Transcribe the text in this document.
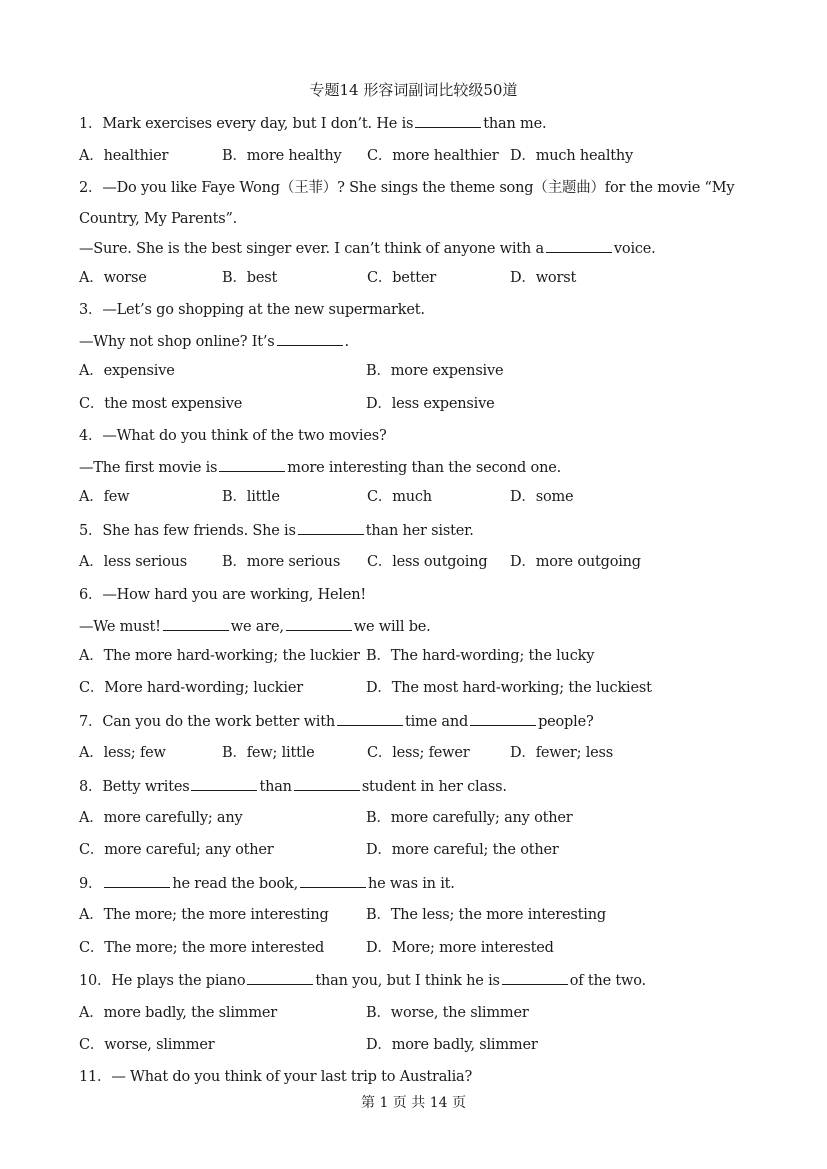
专题14 形容词副词比较级50道
1．Mark exercises every day, but I don’t. He is	than me.
A．healthier	B．more healthy C．more healthier D．much healthy
2．—Do you like Faye Wong（王菲）? She sings the theme song（主题曲）for the movie “My
Country, My Parents”.
—Sure. She is the best singer ever. I can’t think of anyone with a	voice.
A．worse	B．best	C．better	D．worst
3．—Let’s go shopping at the new supermarket.
—Why not shop online? It’s	.
A．expensive	B．more expensive
C．the most expensive	D．less expensive
4．—What do you think of the two movies?
—The first movie is	more interesting than the second one.
A．few	B．little	C．much	D．some
5．She has few friends. She is	than her sister.
A．less serious B．more serious C．less outgoing D．more outgoing
6．—How hard you are working, Helen!
—We must!	we are,	we will be.
A．The more hard-working; the luckier B．The hard-wording; the lucky
C．More hard-wording; luckier	D．The most hard-working; the luckiest
7．Can you do the work better with	time and	people?
A．less; few	B．few; little	C．less; fewer	D．fewer; less
8．Betty writes	than	student in her class.
A．more carefully; any	B．more carefully; any other
C．more careful; any other	D．more careful; the other
9．	he read the book,	he was in it.
A．The more; the more interesting	B．The less; the more interesting
C．The more; the more interested	D．More; more interested
10．He plays the piano	than you, but I think he is	of the two.
A．more badly, the slimmer	B．worse, the slimmer
C．worse, slimmer	D．more badly, slimmer
11．— What do you think of your last trip to Australia?
第 1 页 共 14 页
